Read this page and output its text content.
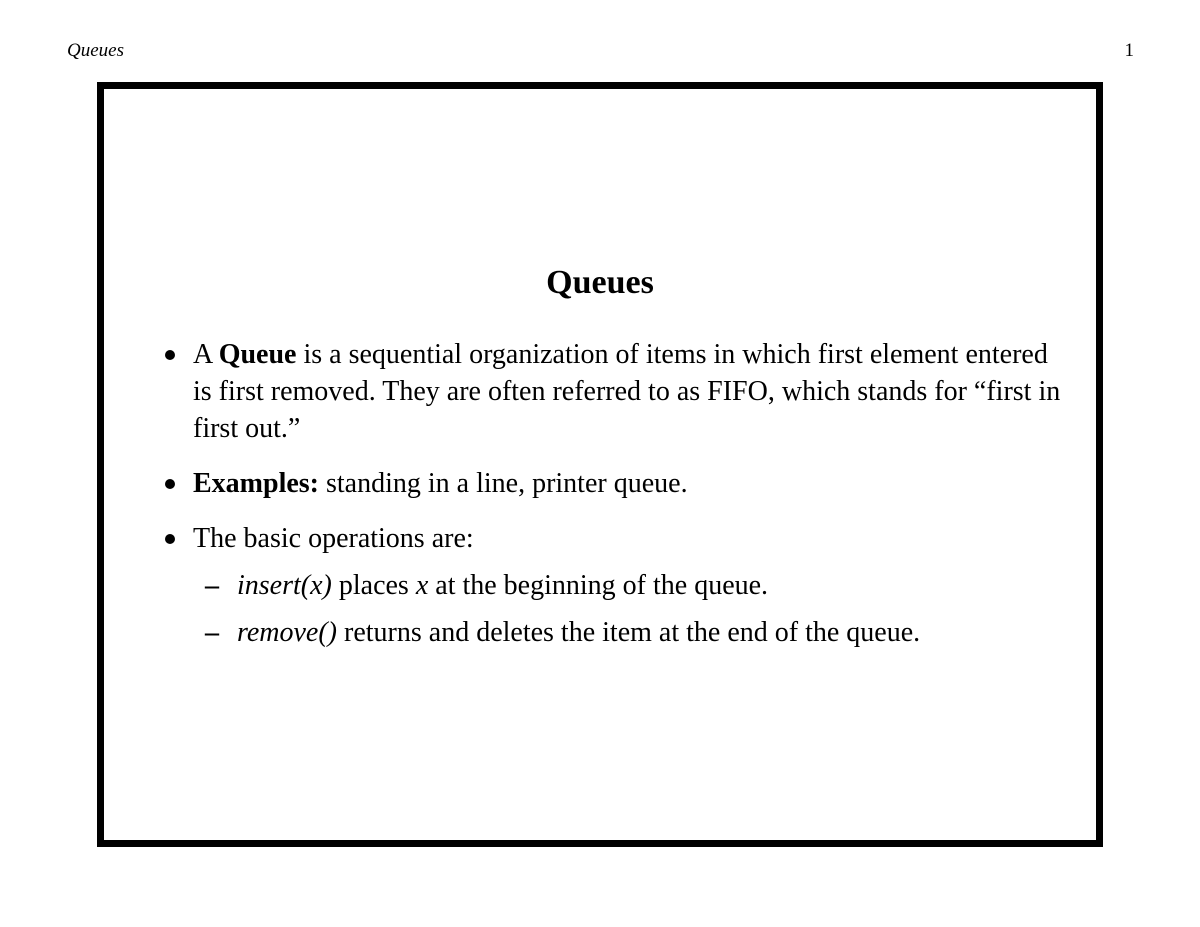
Queues	1
Queues
A Queue is a sequential organization of items in which first element entered is first removed. They are often referred to as FIFO, which stands for “first in first out.”
Examples: standing in a line, printer queue.
The basic operations are:
– insert(x) places x at the beginning of the queue.
– remove() returns and deletes the item at the end of the queue.
